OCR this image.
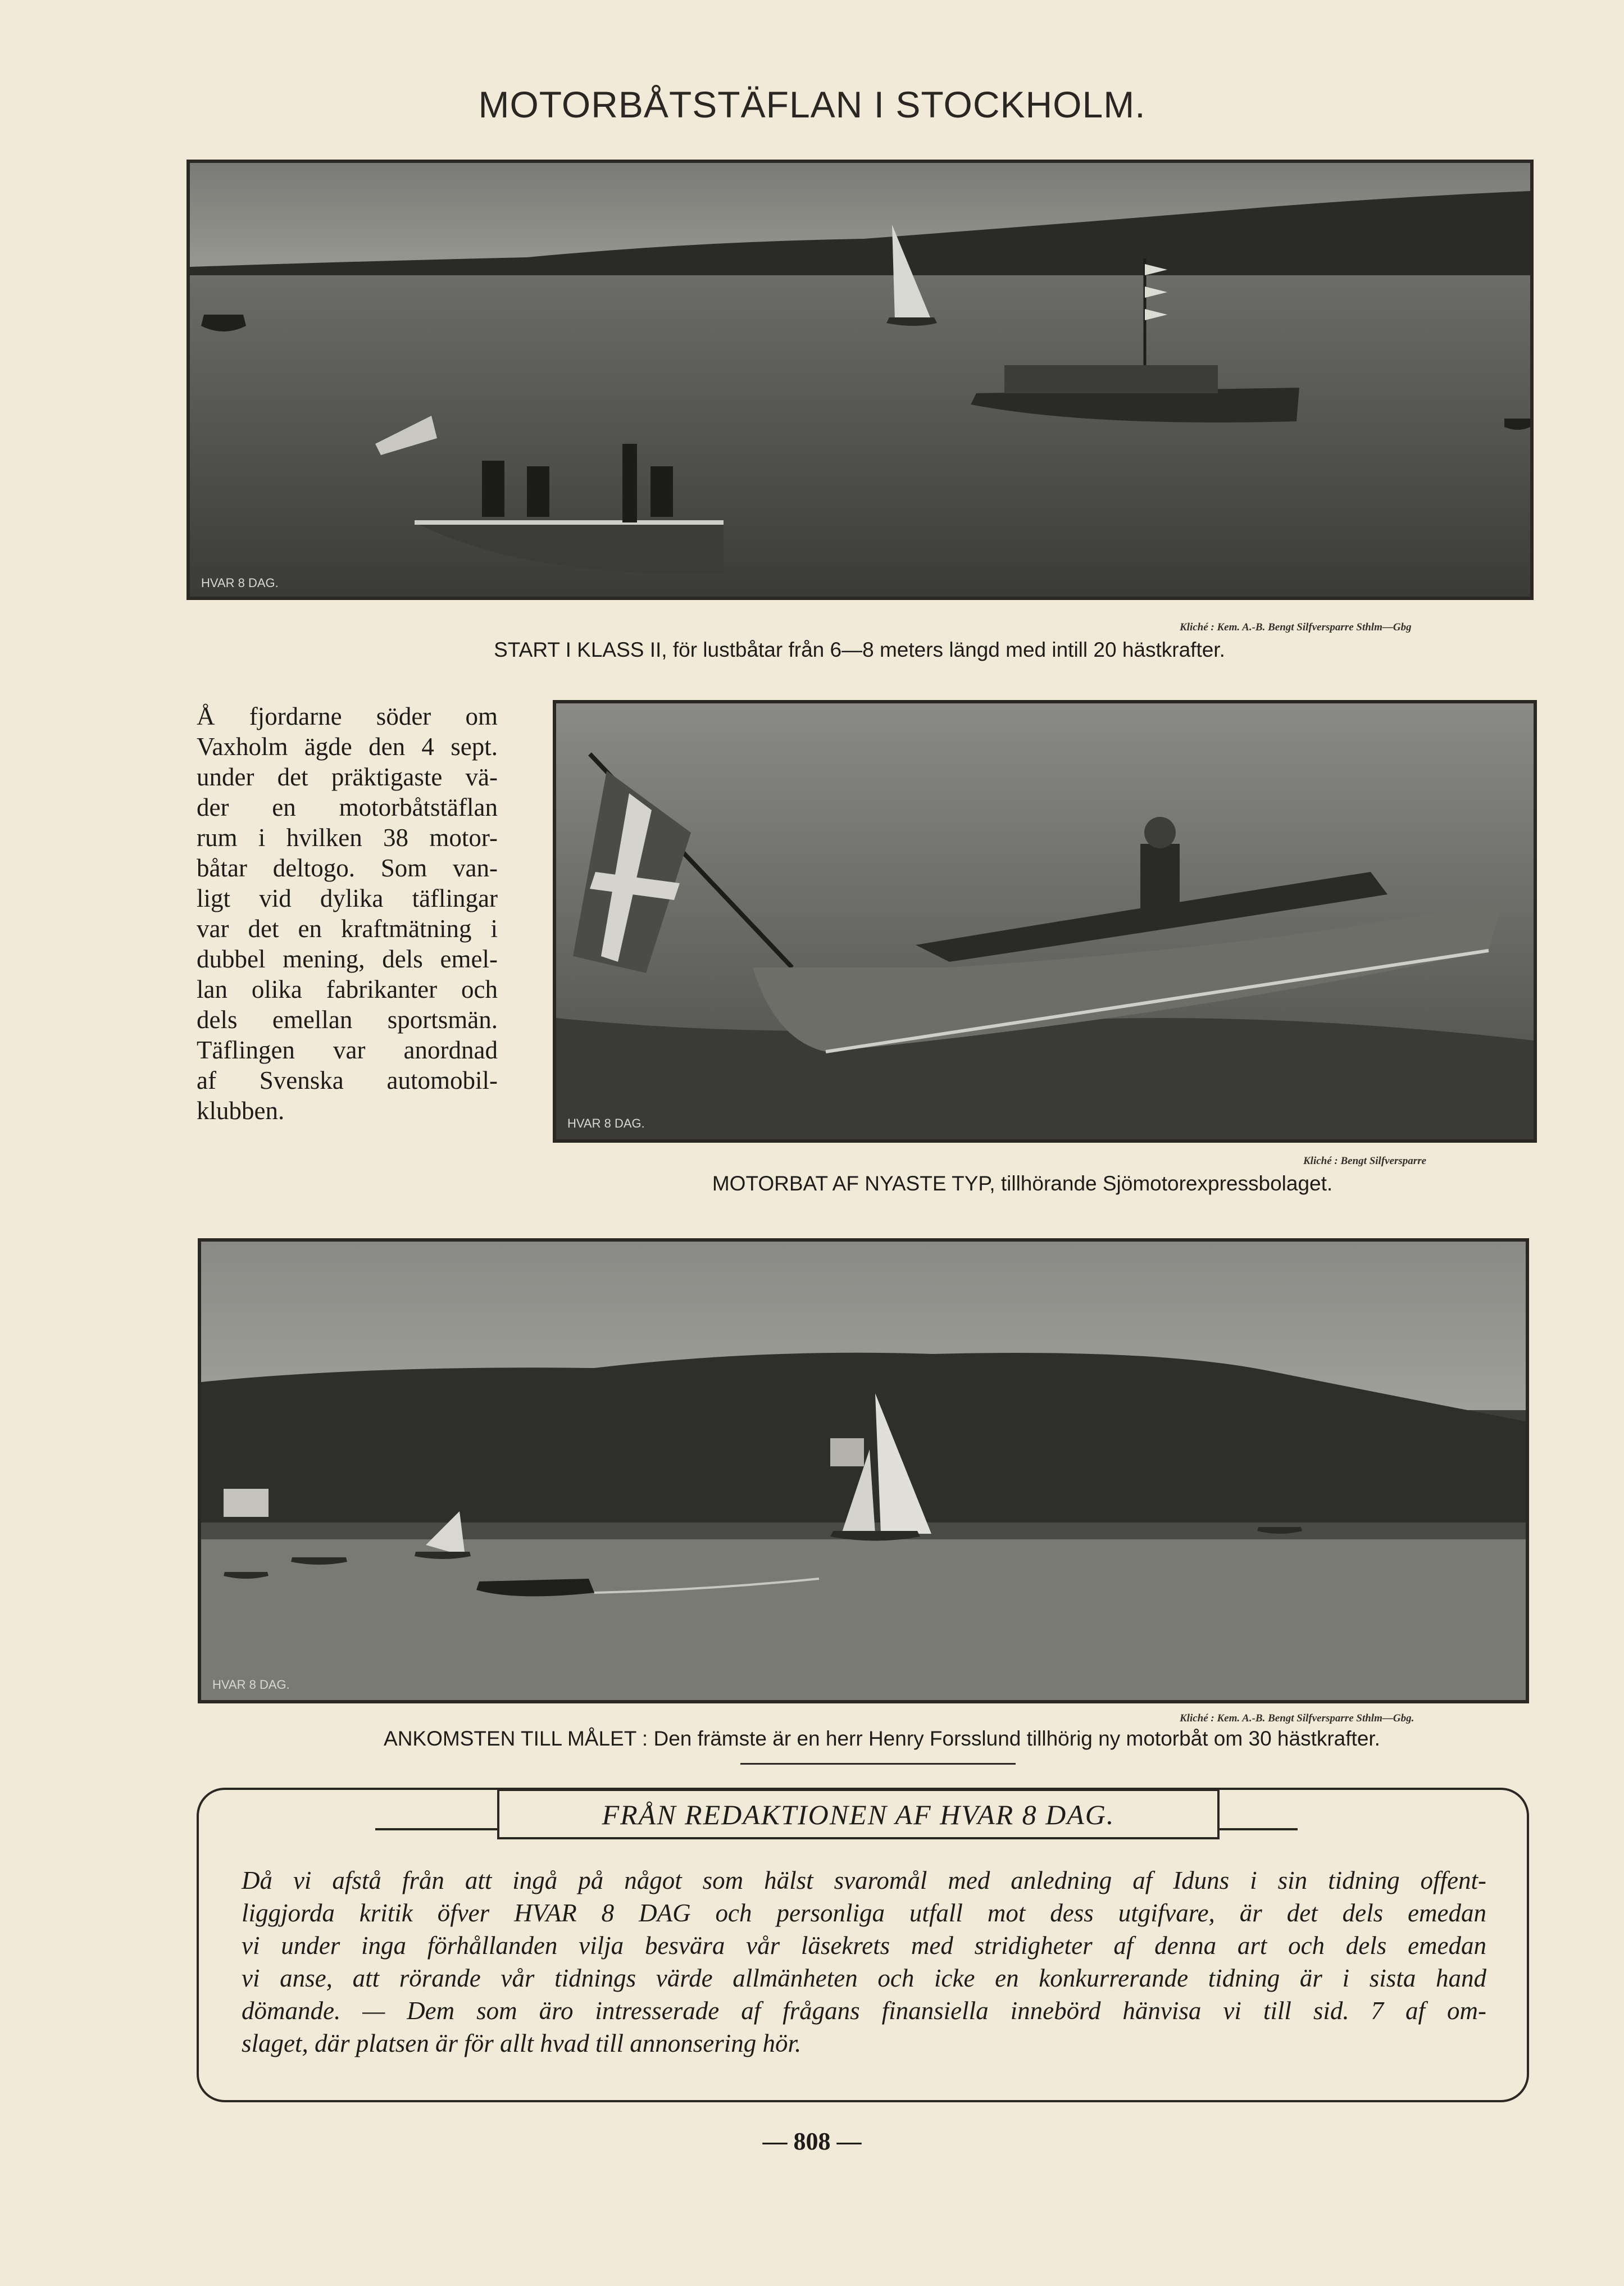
MOTORBÅTSTÄFLAN I STOCKHOLM.
HVAR 8 DAG.
Kliché : Kem. A.-B. Bengt Silfversparre Sthlm—Gbg
START I KLASS II, för lustbåtar från 6—8 meters längd med intill 20 hästkrafter.
Å fjordarne söder om
Vaxholm ägde den 4 sept.
under det präktigaste vä-
der en motorbåtstäflan
rum i hvilken 38 motor-
båtar deltogo. Som van-
ligt vid dylika täflingar
var det en kraftmätning i
dubbel mening, dels emel-
lan olika fabrikanter och
dels emellan sportsmän.
Täflingen var anordnad
af Svenska automobil-
klubben.	HVAR 8 DAG.
Kliché : Bengt Silfversparre
MOTORBAT AF NYASTE TYP, tillhörande Sjömotorexpressbolaget.
HVAR 8 DAG.
Kliché : Kem. A.-B. Bengt Silfversparre Sthlm—Gbg.
ANKOMSTEN TILL MÅLET : Den främste är en herr Henry Forsslund tillhörig ny motorbåt om 30 hästkrafter.
FRÅN REDAKTIONEN AF HVAR 8 DAG.
Då vi afstå från att ingå på något som hälst svaromål med anledning af Iduns i sin tidning offent-
liggjorda kritik öfver HVAR 8 DAG och personliga utfall mot dess utgifvare, är det dels emedan
vi under inga förhållanden vilja besvära vår läsekrets med stridigheter af denna art och dels emedan
vi anse, att rörande vår tidnings värde allmänheten och icke en konkurrerande tidning är i sista hand
dömande. — Dem som äro intresserade af frågans finansiella innebörd hänvisa vi till sid. 7 af om-
slaget, där platsen är för allt hvad till annonsering hör.
— 808 —
